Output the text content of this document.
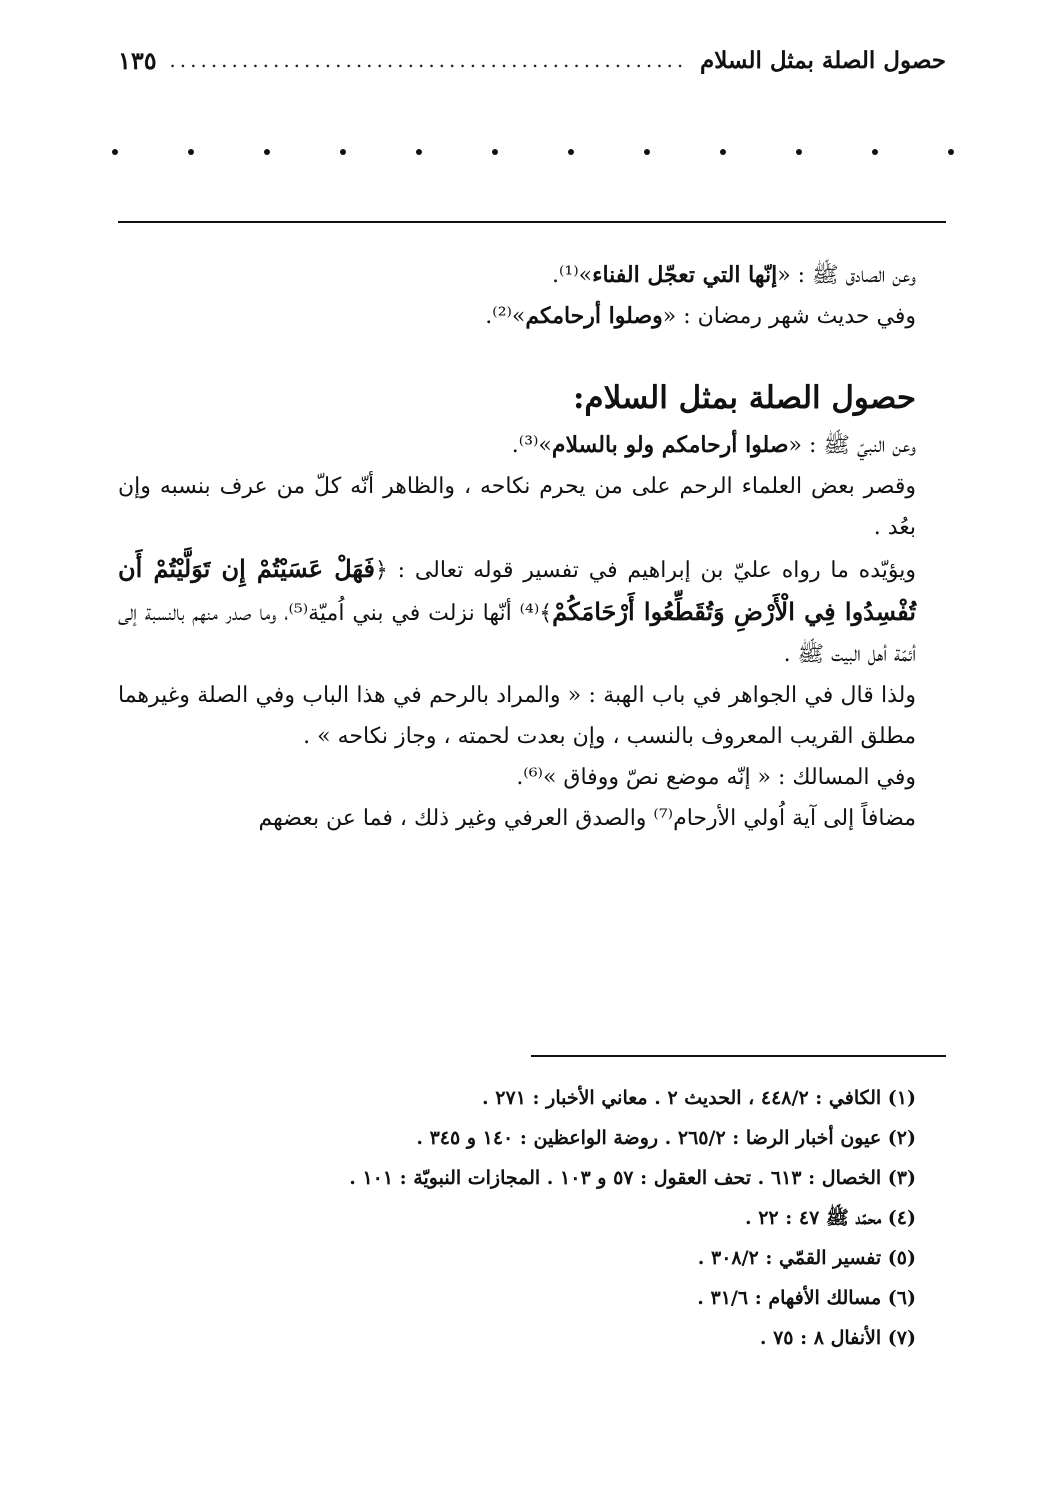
حصول الصلة بمثل السلام
..................................................
١٣٥

وعن الصادق ﷺ : «إنّها التي تعجّل الفناء»⁽¹⁾.

وفي حديث شهر رمضان : «وصلوا أرحامكم»⁽²⁾.

حصول الصلة بمثل السلام:

وعن النبيّ ﷺ : «صلوا أرحامكم ولو بالسلام»⁽³⁾.

وقصر بعض العلماء الرحم على من يحرم نكاحه ، والظاهر أنّه كلّ من عرف بنسبه وإن بعُد .

ويؤيّده ما رواه عليّ بن إبراهيم في تفسير قوله تعالى : ﴿فَهَلْ عَسَيْتُمْ إِن تَوَلَّيْتُمْ أَن تُفْسِدُوا فِي الْأَرْضِ وَتُقَطِّعُوا أَرْحَامَكُمْ﴾⁽⁴⁾ أنّها نزلت في بني اُميّة⁽⁵⁾، وما صدر منهم بالنسبة إلى أئمّة أهل البيت ﷺ .

ولذا قال في الجواهر في باب الهبة : « والمراد بالرحم في هذا الباب وفي الصلة وغيرهما مطلق القريب المعروف بالنسب ، وإن بعدت لحمته ، وجاز نكاحه » .

وفي المسالك : « إنّه موضع نصّ ووفاق »⁽⁶⁾.

مضافاً إلى آية اُولي الأرحام⁽⁷⁾ والصدق العرفي وغير ذلك ، فما عن بعضهم

(١) الكافي : ٤٤٨/٢ ، الحديث ٢ . معاني الأخبار : ٢٧١ .
(٢) عيون أخبار الرضا : ٢٦٥/٢ . روضة الواعظين : ١٤٠ و ٣٤٥ .
(٣) الخصال : ٦١٣ . تحف العقول : ٥٧ و ١٠٣ . المجازات النبويّة : ١٠١ .
(٤) محمّد ﷺ ٤٧ : ٢٢ .
(٥) تفسير القمّي : ٣٠٨/٢ .
(٦) مسالك الأفهام : ٣١/٦ .
(٧) الأنفال ٨ : ٧٥ .
